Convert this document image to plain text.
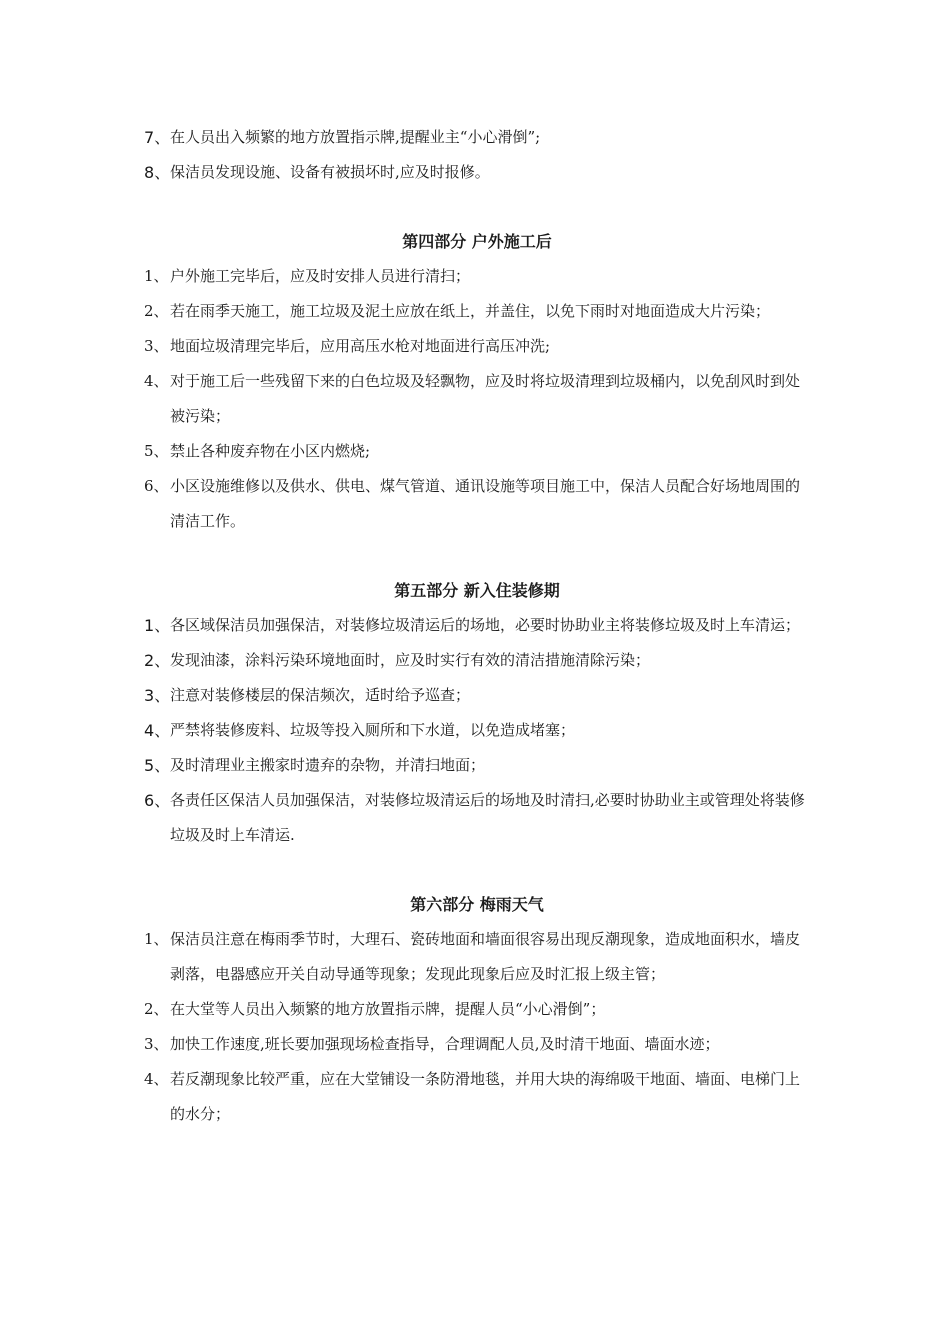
7、 在人员出入频繁的地方放置指示牌,提醒业主“小心滑倒”;
8、 保洁员发现设施、设备有被损坏时,应及时报修。
第四部分 户外施工后
1、 户外施工完毕后，应及时安排人员进行清扫；
2、 若在雨季天施工，施工垃圾及泥土应放在纸上，并盖住，以免下雨时对地面造成大片污染；
3、 地面垃圾清理完毕后，应用高压水枪对地面进行高压冲洗;
4、 对于施工后一些残留下来的白色垃圾及轻飘物，应及时将垃圾清理到垃圾桶内，以免刮风时到处被污染；
5、 禁止各种废弃物在小区内燃烧;
6、 小区设施维修以及供水、供电、煤气管道、通讯设施等项目施工中，保洁人员配合好场地周围的清洁工作。
第五部分 新入住装修期
1、 各区域保洁员加强保洁，对装修垃圾清运后的场地，必要时协助业主将装修垃圾及时上车清运；
2、 发现油漆，涂料污染环境地面时，应及时实行有效的清洁措施清除污染；
3、 注意对装修楼层的保洁频次，适时给予巡查；
4、 严禁将装修废料、垃圾等投入厕所和下水道，以免造成堵塞；
5、 及时清理业主搬家时遗弃的杂物，并清扫地面；
6、 各责任区保洁人员加强保洁，对装修垃圾清运后的场地及时清扫,必要时协助业主或管理处将装修垃圾及时上车清运.
第六部分 梅雨天气
1、 保洁员注意在梅雨季节时，大理石、瓷砖地面和墙面很容易出现反潮现象，造成地面积水，墙皮剥落，电器感应开关自动导通等现象；发现此现象后应及时汇报上级主管；
2、 在大堂等人员出入频繁的地方放置指示牌，提醒人员“小心滑倒”；
3、 加快工作速度,班长要加强现场检查指导，合理调配人员,及时清干地面、墙面水迹；
4、 若反潮现象比较严重，应在大堂铺设一条防滑地毯，并用大块的海绵吸干地面、墙面、电梯门上的水分；
